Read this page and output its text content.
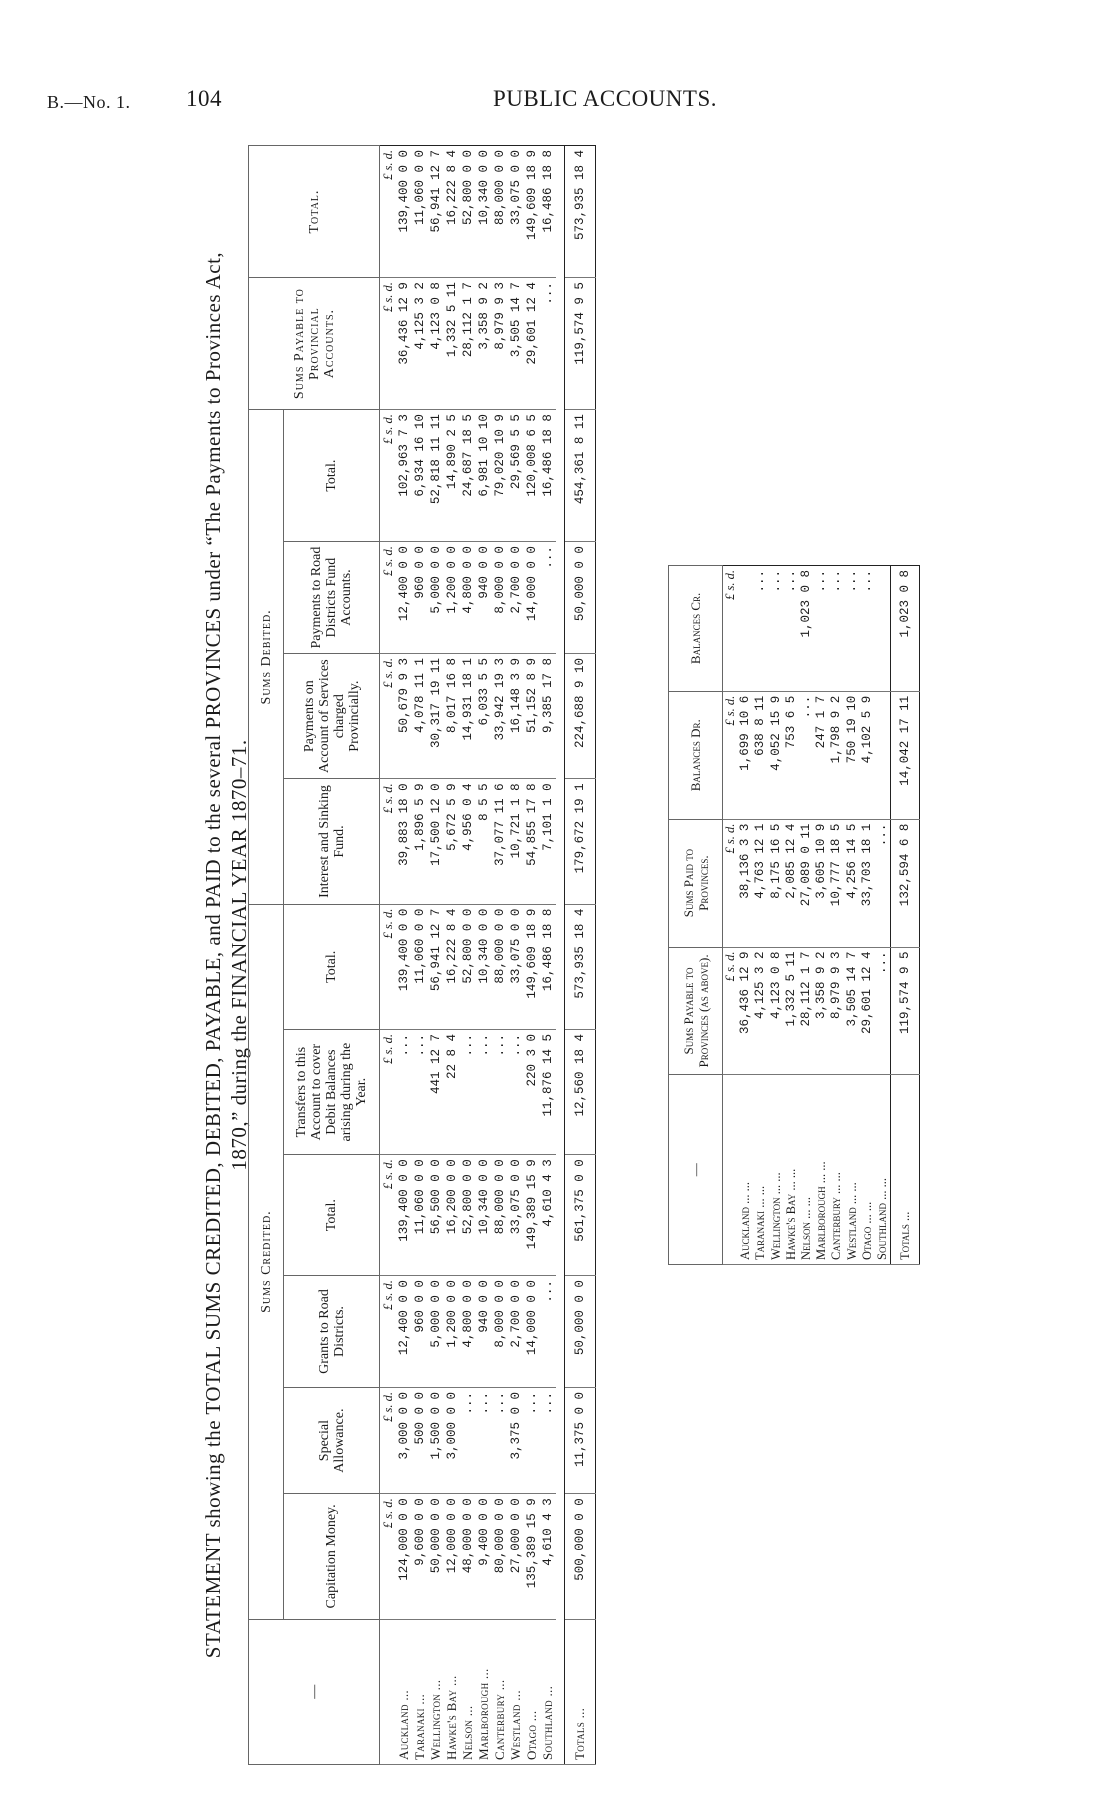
B.—No. 1. 104	PUBLIC ACCOUNTS.
STATEMENT showing the TOTAL SUMS CREDITED, DEBITED, PAYABLE, and PAID to the several PROVINCES under “The Payments to Provinces Act, 1870,” during the FINANCIAL YEAR 1870–71.
—	Sums Credited.						Sums Debited.				Sums Payable to Provincial Accounts.	Total.
	Capitation Money.	Special Allowance.	Grants to Road Districts.	Total.	Transfers to this Account to cover Debit Balances arising during the Year.	Total.	Interest and Sinking Fund.	Payments on Account of Services charged Provincially.	Payments to Road Districts Fund Accounts.	Total.		
	£ s. d.	£ s. d.	£ s. d.	£ s. d.	£ s. d.	£ s. d.	£ s. d.	£ s. d.	£ s. d.	£ s. d.	£ s. d.	£ s. d.
Auckland ...	124,000 0 0	3,000 0 0	12,400 0 0	139,400 0 0	...	139,400 0 0	39,883 18 0	50,679 9 3	12,400 0 0	102,963 7 3	36,436 12 9	139,400 0 0
Taranaki ...	9,600 0 0	500 0 0	960 0 0	11,060 0 0	...	11,060 0 0	1,896 5 9	4,078 11 1	960 0 0	6,934 16 10	4,125 3 2	11,060 0 0
Wellington ...	50,000 0 0	1,500 0 0	5,000 0 0	56,500 0 0	441 12 7	56,941 12 7	17,500 12 0	30,317 19 11	5,000 0 0	52,818 11 11	4,123 0 8	56,941 12 7
Hawke's Bay ...	12,000 0 0	3,000 0 0	1,200 0 0	16,200 0 0	22 8 4	16,222 8 4	5,672 5 9	8,017 16 8	1,200 0 0	14,890 2 5	1,332 5 11	16,222 8 4
Nelson ...	48,000 0 0	...	4,800 0 0	52,800 0 0	...	52,800 0 0	4,956 0 4	14,931 18 1	4,800 0 0	24,687 18 5	28,112 1 7	52,800 0 0
Marlborough ...	9,400 0 0	...	940 0 0	10,340 0 0	...	10,340 0 0	8 5 5	6,033 5 5	940 0 0	6,981 10 10	3,358 9 2	10,340 0 0
Canterbury ...	80,000 0 0	...	8,000 0 0	88,000 0 0	...	88,000 0 0	37,077 11 6	33,942 19 3	8,000 0 0	79,020 10 9	8,979 9 3	88,000 0 0
Westland ...	27,000 0 0	3,375 0 0	2,700 0 0	33,075 0 0	...	33,075 0 0	10,721 1 8	16,148 3 9	2,700 0 0	29,569 5 5	3,505 14 7	33,075 0 0
Otago ...	135,389 15 9	...	14,000 0 0	149,389 15 9	220 3 0	149,609 18 9	54,855 17 8	51,152 8 9	14,000 0 0	120,008 6 5	29,601 12 4	149,609 18 9
Southland ...	4,610 4 3	...	...	4,610 4 3	11,876 14 5	16,486 18 8	7,101 1 0	9,385 17 8	...	16,486 18 8	...	16,486 18 8

Totals ...	500,000 0 0	11,375 0 0	50,000 0 0	561,375 0 0	12,560 18 4	573,935 18 4	179,672 19 1	224,688 9 10	50,000 0 0	454,361 8 11	119,574 9 5	573,935 18 4
—	Sums Payable to Provinces (as above).	Sums Paid to Provinces.	Balances Dr.	Balances Cr.
	£ s. d.	£ s. d.	£ s. d.	£ s. d.
Auckland ... ...	36,436 12 9	38,136 3 3	1,699 10 6	
Taranaki ... ...	4,125 3 2	4,763 12 1	638 8 11	...
Wellington ... ...	4,123 0 8	8,175 16 5	4,052 15 9	...
Hawke's Bay ... ...	1,332 5 11	2,085 12 4	753 6 5	...
Nelson ... ...	28,112 1 7	27,089 0 11	...	1,023 0 8
Marlborough ... ...	3,358 9 2	3,605 10 9	247 1 7	...
Canterbury ... ...	8,979 9 3	10,777 18 5	1,798 9 2	...
Westland ... ...	3,505 14 7	4,256 14 5	750 19 10	...
Otago ... ...	29,601 12 4	33,703 18 1	4,102 5 9	...
Southland ... ...	...	...		
Totals ...	119,574 9 5	132,594 6 8	14,042 17 11	1,023 0 8
